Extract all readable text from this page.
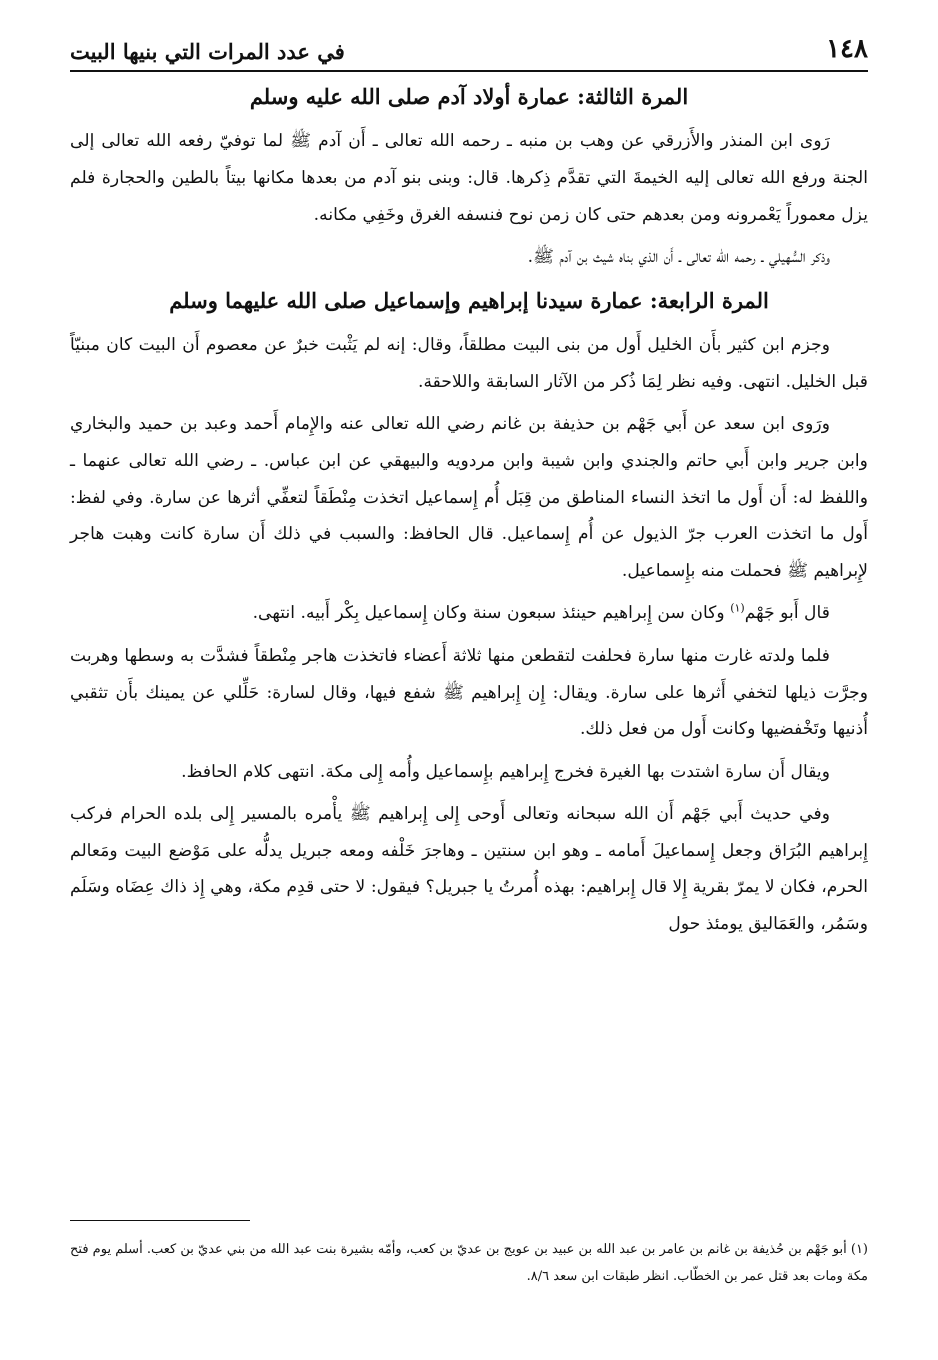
١٤٨
في عدد المرات التي بنيها البيت
المرة الثالثة: عمارة أولاد آدم صلى الله عليه وسلم

رَوى ابن المنذر والأَزرقي عن وهب بن منبه ـ رحمه الله تعالى ـ أَن آدم ﷺ لما توفيّ رفعه الله تعالى إلى الجنة ورفع الله تعالى إليه الخيمةَ التي تقدَّم ذِكرها. قال: وبنى بنو آدم من بعدها مكانها بيتاً بالطين والحجارة فلم يزل معموراً يَعْمرونه ومن بعدهم حتى كان زمن نوح فنسفه الغرق وخَفِي مكانه.

وذكر السُّهيلي ـ رحمه الله تعالى ـ أَن الذي بناه شيث بن آدم ﷺ.

المرة الرابعة: عمارة سيدنا إبراهيم وإسماعيل صلى الله عليهما وسلم

وجزم ابن كثير بأَن الخليل أَول من بنى البيت مطلقاً، وقال: إنه لم يَثْبت خبرٌ عن معصوم أَن البيت كان مبنيّاً قبل الخليل. انتهى. وفيه نظر لِمَا ذُكر من الآثار السابقة واللاحقة.

ورَوى ابن سعد عن أَبي جَهْم بن حذيفة بن غانم رضي الله تعالى عنه والإِمام أَحمد وعبد بن حميد والبخاري وابن جرير وابن أَبي حاتم والجندي وابن شيبة وابن مردويه والبيهقي عن ابن عباس. ـ رضي الله تعالى عنهما ـ واللفظ له: أَن أَول ما اتخذ النساء المناطق من قِبَل أُم إِسماعيل اتخذت مِنْطَقاً لتعفِّي أثرها عن سارة. وفي لفظ: أَول ما اتخذت العرب جرّ الذيول عن أُم إِسماعيل. قال الحافظ: والسبب في ذلك أَن سارة كانت وهبت هاجر لإِبراهيم ﷺ فحملت منه بإِسماعيل.

قال أَبو جَهْم$^{(١)}$ وكان سن إِبراهيم حينئذ سبعون سنة وكان إِسماعيل بِكْر أَبيه. انتهى.

فلما ولدته غارت منها سارة فحلفت لتقطعن منها ثلاثة أَعضاء فاتخذت هاجر مِنْطقاً فشدَّت به وسطها وهربت وجرَّت ذيلها لتخفي أَثرها على سارة. ويقال: إِن إِبراهيم ﷺ شفع فيها، وقال لسارة: حَلِّلي عن يمينك بأَن تثقبي أُذنيها وتَخْفضيها وكانت أَول من فعل ذلك.

ويقال أَن سارة اشتدت بها الغيرة فخرج إِبراهيم بإِسماعيل وأُمه إِلى مكة. انتهى كلام الحافظ.

وفي حديث أَبي جَهْم أَن الله سبحانه وتعالى أَوحى إِلى إِبراهيم ﷺ يأْمره بالمسير إِلى بلده الحرام فركب إِبراهيم البُرَاق وجعل إِسماعيلَ أَمامه ـ وهو ابن سنتين ـ وهاجرَ خَلْفه ومعه جبريل يدلُّه على مَوْضع البيت ومَعالم الحرم، فكان لا يمرّ بقرية إِلا قال إِبراهيم: بهذه أُمرتُ يا جبريل؟ فيقول: لا حتى قدِم مكة، وهي إِذ ذاك عِضَاه وسَلَم وسَمُر، والعَمَاليق يومئذ حول

(١) أبو جَهْم بن حُذيفة بن غانم بن عامر بن عبد الله بن عبيد بن عويج بن عديّ بن كعب، وأمّه بشيرة بنت عبد الله من بني عديّ بن كعب. أسلم يوم فتح مكة ومات بعد قتل عمر بن الخطّاب. انظر طبقات ابن سعد ٨/٦.
